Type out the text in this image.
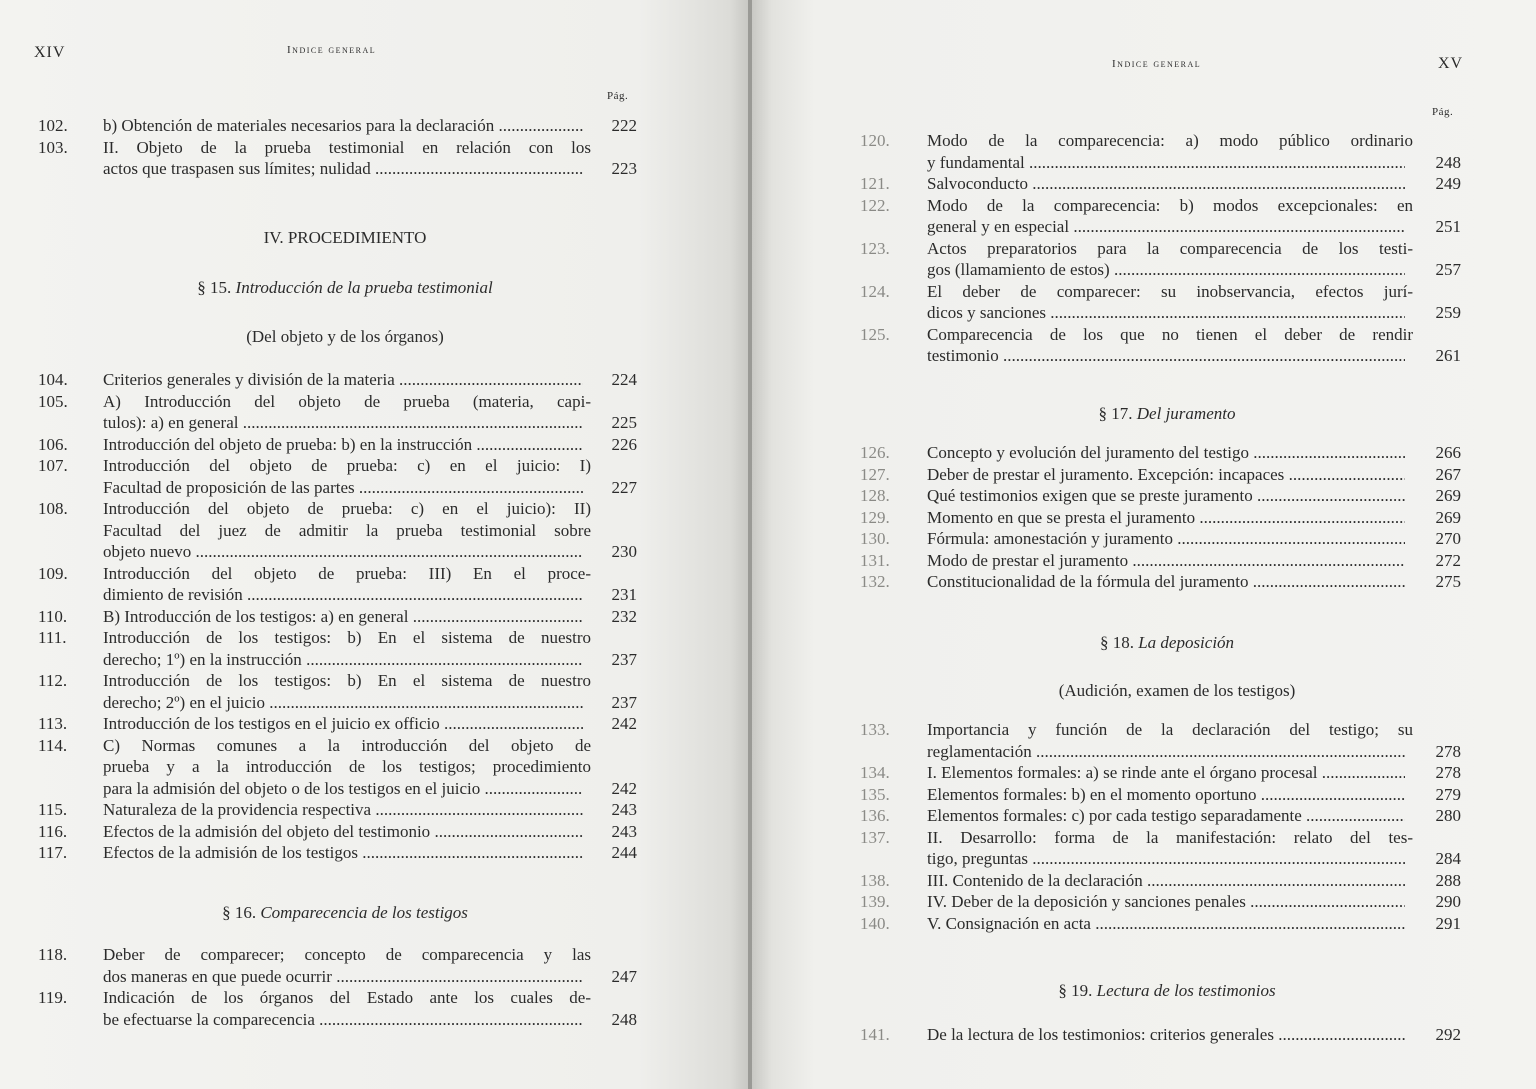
XIV	Indice general
Pág.
102. b) Obtención de materiales necesarios para la declaración .....	222
103. II. Objeto de la prueba testimonial en relación con los
actos que traspasen sus límites; nulidad .....	223
IV. PROCEDIMIENTO
§ 15. Introducción de la prueba testimonial
(Del objeto y de los órganos)
104. Criterios generales y división de la materia .....	224
105. A) Introducción del objeto de prueba (materia, capi-
tulos): a) en general .....	225
106. Introducción del objeto de prueba: b) en la instrucción .....	226
107. Introducción del objeto de prueba: c) en el juicio: I)
Facultad de proposición de las partes .....	227
108. Introducción del objeto de prueba: c) en el juicio): II)
Facultad del juez de admitir la prueba testimonial sobre
objeto nuevo .....	230
109. Introducción del objeto de prueba: III) En el proce-
dimiento de revisión .....	231
110. B) Introducción de los testigos: a) en general .....	232
111. Introducción de los testigos: b) En el sistema de nuestro
derecho; 1º) en la instrucción .....	237
112. Introducción de los testigos: b) En el sistema de nuestro
derecho; 2º) en el juicio .....	237
113. Introducción de los testigos en el juicio ex officio .....	242
114. C) Normas comunes a la introducción del objeto de
prueba y a la introducción de los testigos; procedimiento
para la admisión del objeto o de los testigos en el juicio .....	242
115. Naturaleza de la providencia respectiva .....	243
116. Efectos de la admisión del objeto del testimonio .....	243
117. Efectos de la admisión de los testigos .....	244
§ 16. Comparecencia de los testigos
118. Deber de comparecer; concepto de comparecencia y las
dos maneras en que puede ocurrir .....	247
119. Indicación de los órganos del Estado ante los cuales de-
be efectuarse la comparecencia .....	248
Indice general	XV
Pág.
120. Modo de la comparecencia: a) modo público ordinario
y fundamental .....	248
121. Salvoconducto .....	249
122. Modo de la comparecencia: b) modos excepcionales: en
general y en especial .....	251
123. Actos preparatorios para la comparecencia de los testi-
gos (llamamiento de estos) .....	257
124. El deber de comparecer: su inobservancia, efectos jurí-
dicos y sanciones .....	259
125. Comparecencia de los que no tienen el deber de rendir
testimonio .....	261
§ 17. Del juramento
126. Concepto y evolución del juramento del testigo .....	266
127. Deber de prestar el juramento. Excepción: incapaces .....	267
128. Qué testimonios exigen que se preste juramento .....	269
129. Momento en que se presta el juramento .....	269
130. Fórmula: amonestación y juramento .....	270
131. Modo de prestar el juramento .....	272
132. Constitucionalidad de la fórmula del juramento .....	275
§ 18. La deposición
(Audición, examen de los testigos)
133. Importancia y función de la declaración del testigo; su
reglamentación .....	278
134. I. Elementos formales: a) se rinde ante el órgano procesal .....	278
135. Elementos formales: b) en el momento oportuno .....	279
136. Elementos formales: c) por cada testigo separadamente .....	280
137. II. Desarrollo: forma de la manifestación: relato del tes-
tigo, preguntas .....	284
138. III. Contenido de la declaración .....	288
139. IV. Deber de la deposición y sanciones penales .....	290
140. V. Consignación en acta .....	291
§ 19. Lectura de los testimonios
141. De la lectura de los testimonios: criterios generales .....	292
